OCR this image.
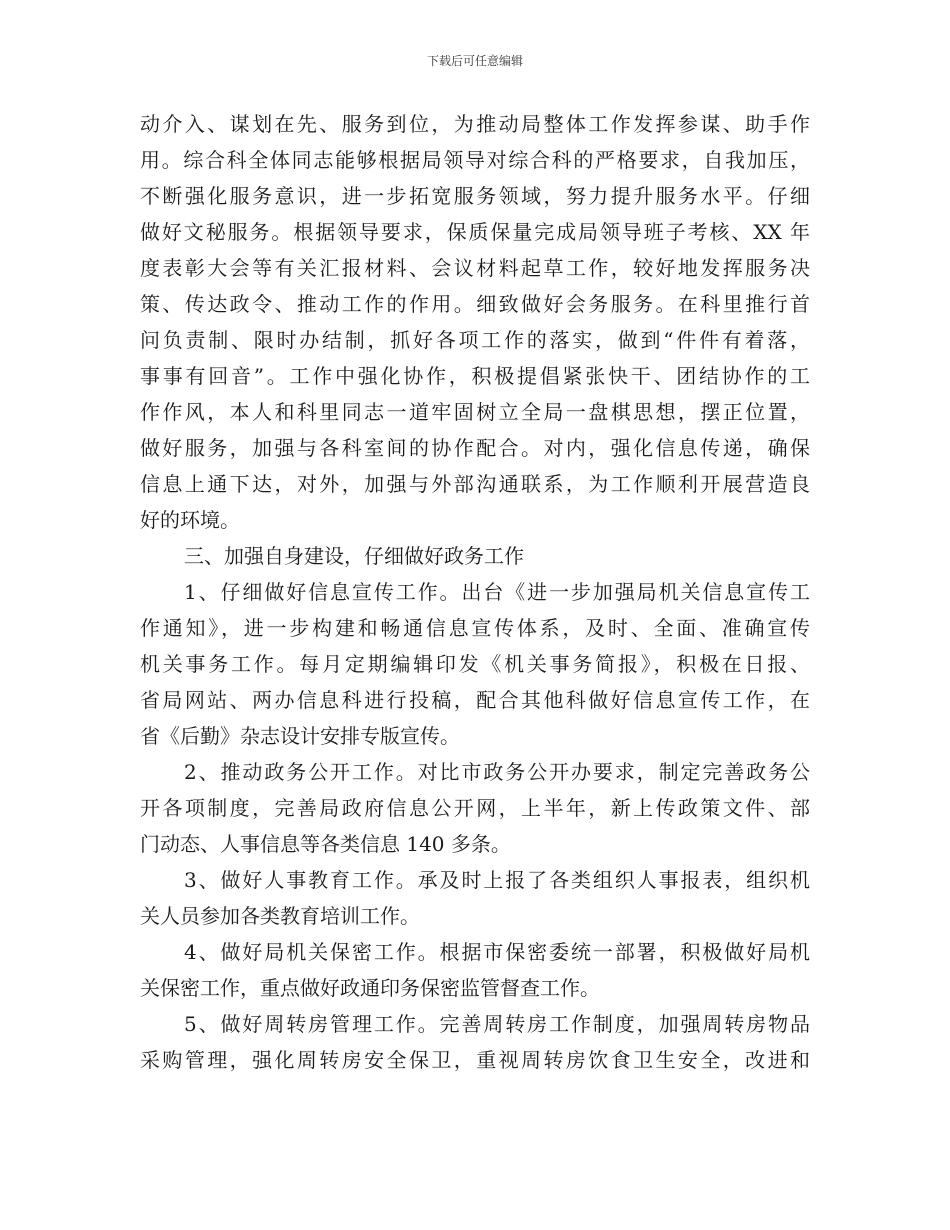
下载后可任意编辑
动介入、谋划在先、服务到位，为推动局整体工作发挥参谋、助手作
用。综合科全体同志能够根据局领导对综合科的严格要求，自我加压，
不断强化服务意识，进一步拓宽服务领域，努力提升服务水平。仔细
做好文秘服务。根据领导要求，保质保量完成局领导班子考核、XX 年
度表彰大会等有关汇报材料、会议材料起草工作，较好地发挥服务决
策、传达政令、推动工作的作用。细致做好会务服务。在科里推行首
问负责制、限时办结制，抓好各项工作的落实，做到“件件有着落，
事事有回音”。工作中强化协作，积极提倡紧张快干、团结协作的工
作作风，本人和科里同志一道牢固树立全局一盘棋思想，摆正位置，
做好服务，加强与各科室间的协作配合。对内，强化信息传递，确保
信息上通下达，对外，加强与外部沟通联系，为工作顺利开展营造良
好的环境。
三、加强自身建设，仔细做好政务工作
1、仔细做好信息宣传工作。出台《进一步加强局机关信息宣传工
作通知》，进一步构建和畅通信息宣传体系，及时、全面、准确宣传
机关事务工作。每月定期编辑印发《机关事务简报》，积极在日报、
省局网站、两办信息科进行投稿，配合其他科做好信息宣传工作，在
省《后勤》杂志设计安排专版宣传。
2、推动政务公开工作。对比市政务公开办要求，制定完善政务公
开各项制度，完善局政府信息公开网，上半年，新上传政策文件、部
门动态、人事信息等各类信息 140 多条。
3、做好人事教育工作。承及时上报了各类组织人事报表，组织机
关人员参加各类教育培训工作。
4、做好局机关保密工作。根据市保密委统一部署，积极做好局机
关保密工作，重点做好政通印务保密监管督查工作。
5、做好周转房管理工作。完善周转房工作制度，加强周转房物品
采购管理，强化周转房安全保卫，重视周转房饮食卫生安全，改进和
